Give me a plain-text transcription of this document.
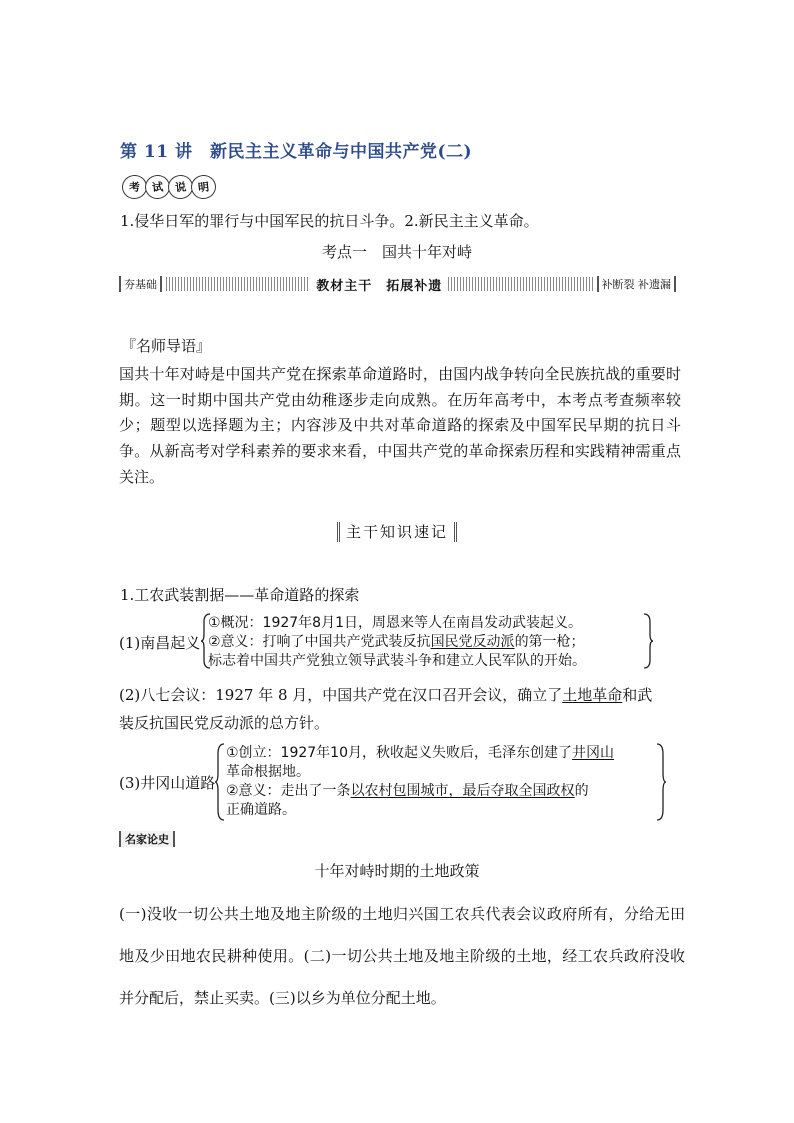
第 11 讲　新民主主义革命与中国共产党(二)
考 试 说 明
1.侵华日军的罪行与中国军民的抗日斗争。2.新民主主义革命。
考点一　国共十年对峙
夯基础	教材主干　拓展补遗	补断裂 补遗漏
『名师导语』
国共十年对峙是中国共产党在探索革命道路时，由国内战争转向全民族抗战的重要时期。这一时期中国共产党由幼稚逐步走向成熟。在历年高考中，本考点考查频率较少；题型以选择题为主；内容涉及中共对革命道路的探索及中国军民早期的抗日斗争。从新高考对学科素养的要求来看，中国共产党的革命探索历程和实践精神需重点关注。
主干知识速记
1.工农武装割据——革命道路的探索
(1)南昌起义
①概况：1927年8月1日，周恩来等人在南昌发动武装起义。
②意义：打响了中国共产党武装反抗国民党反动派的第一枪；
标志着中国共产党独立领导武装斗争和建立人民军队的开始。
(2)八七会议：1927 年 8 月，中国共产党在汉口召开会议，确立了土地革命和武
装反抗国民党反动派的总方针。
(3)井冈山道路
①创立：1927年10月，秋收起义失败后，毛泽东创建了井冈山
革命根据地。
②意义：走出了一条以农村包围城市，最后夺取全国政权的
正确道路。
名家论史
十年对峙时期的土地政策
(一)没收一切公共土地及地主阶级的土地归兴国工农兵代表会议政府所有，分给无田地及少田地农民耕种使用。(二)一切公共土地及地主阶级的土地，经工农兵政府没收并分配后，禁止买卖。(三)以乡为单位分配土地。
